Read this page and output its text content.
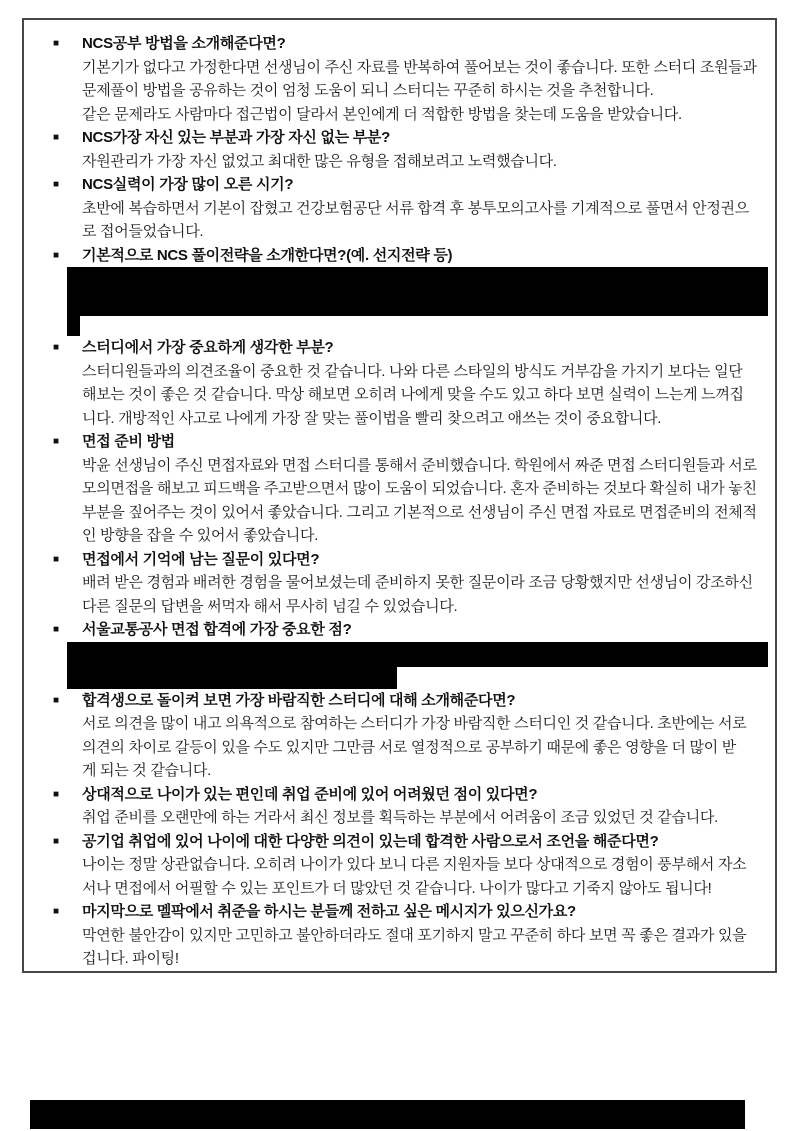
■	NCS공부 방법을 소개해준다면?
기본기가 없다고 가정한다면 선생님이 주신 자료를 반복하여 풀어보는 것이 좋습니다. 또한 스터디 조원들과
문제풀이 방법을 공유하는 것이 엄청 도움이 되니 스터디는 꾸준히 하시는 것을 추천합니다.
같은 문제라도 사람마다 접근법이 달라서 본인에게 더 적합한 방법을 찾는데 도움을 받았습니다.
■	NCS가장 자신 있는 부분과 가장 자신 없는 부분?
자원관리가 가장 자신 없었고 최대한 많은 유형을 접해보려고 노력했습니다.
■	NCS실력이 가장 많이 오른 시기?
초반에 복습하면서 기본이 잡혔고 건강보험공단 서류 합격 후 봉투모의고사를 기계적으로 풀면서 안정권으
로 접어들었습니다.
■	기본적으로 NCS 풀이전략을 소개한다면?(예. 선지전략 등)
■	스터디에서 가장 중요하게 생각한 부분?
스터디원들과의 의견조율이 중요한 것 같습니다. 나와 다른 스타일의 방식도 거부감을 가지기 보다는 일단
해보는 것이 좋은 것 같습니다. 막상 해보면 오히려 나에게 맞을 수도 있고 하다 보면 실력이 느는게 느껴집
니다. 개방적인 사고로 나에게 가장 잘 맞는 풀이법을 빨리 찾으려고 애쓰는 것이 중요합니다.
■	면접 준비 방법
박윤 선생님이 주신 면접자료와 면접 스터디를 통해서 준비했습니다. 학원에서 짜준 면접 스터디원들과 서로
모의면접을 해보고 피드백을 주고받으면서 많이 도움이 되었습니다. 혼자 준비하는 것보다 확실히 내가 놓친
부분을 짚어주는 것이 있어서 좋았습니다. 그리고 기본적으로 선생님이 주신 면접 자료로 면접준비의 전체적
인 방향을 잡을 수 있어서 좋았습니다.
■	면접에서 기억에 남는 질문이 있다면?
배려 받은 경험과 배려한 경험을 물어보셨는데 준비하지 못한 질문이라 조금 당황했지만 선생님이 강조하신
다른 질문의 답변을 써먹자 해서 무사히 넘길 수 있었습니다.
■	서울교통공사 면접 합격에 가장 중요한 점?
■	합격생으로 돌이켜 보면 가장 바람직한 스터디에 대해 소개해준다면?
서로 의견을 많이 내고 의욕적으로 참여하는 스터디가 가장 바람직한 스터디인 것 같습니다. 초반에는 서로
의견의 차이로 갈등이 있을 수도 있지만 그만큼 서로 열정적으로 공부하기 때문에 좋은 영향을 더 많이 받
게 되는 것 같습니다.
■	상대적으로 나이가 있는 편인데 취업 준비에 있어 어려웠던 점이 있다면?
취업 준비를 오랜만에 하는 거라서 최신 정보를 획득하는 부분에서 어려움이 조금 있었던 것 같습니다.
■	공기업 취업에 있어 나이에 대한 다양한 의견이 있는데 합격한 사람으로서 조언을 해준다면?
나이는 정말 상관없습니다. 오히려 나이가 있다 보니 다른 지원자들 보다 상대적으로 경험이 풍부해서 자소
서나 면접에서 어필할 수 있는 포인트가 더 많았던 것 같습니다. 나이가 많다고 기죽지 않아도 됩니다!
■	마지막으로 멜팍에서 취준을 하시는 분들께 전하고 싶은 메시지가 있으신가요?
막연한 불안감이 있지만 고민하고 불안하더라도 절대 포기하지 말고 꾸준히 하다 보면 꼭 좋은 결과가 있을
겁니다. 파이팅!
